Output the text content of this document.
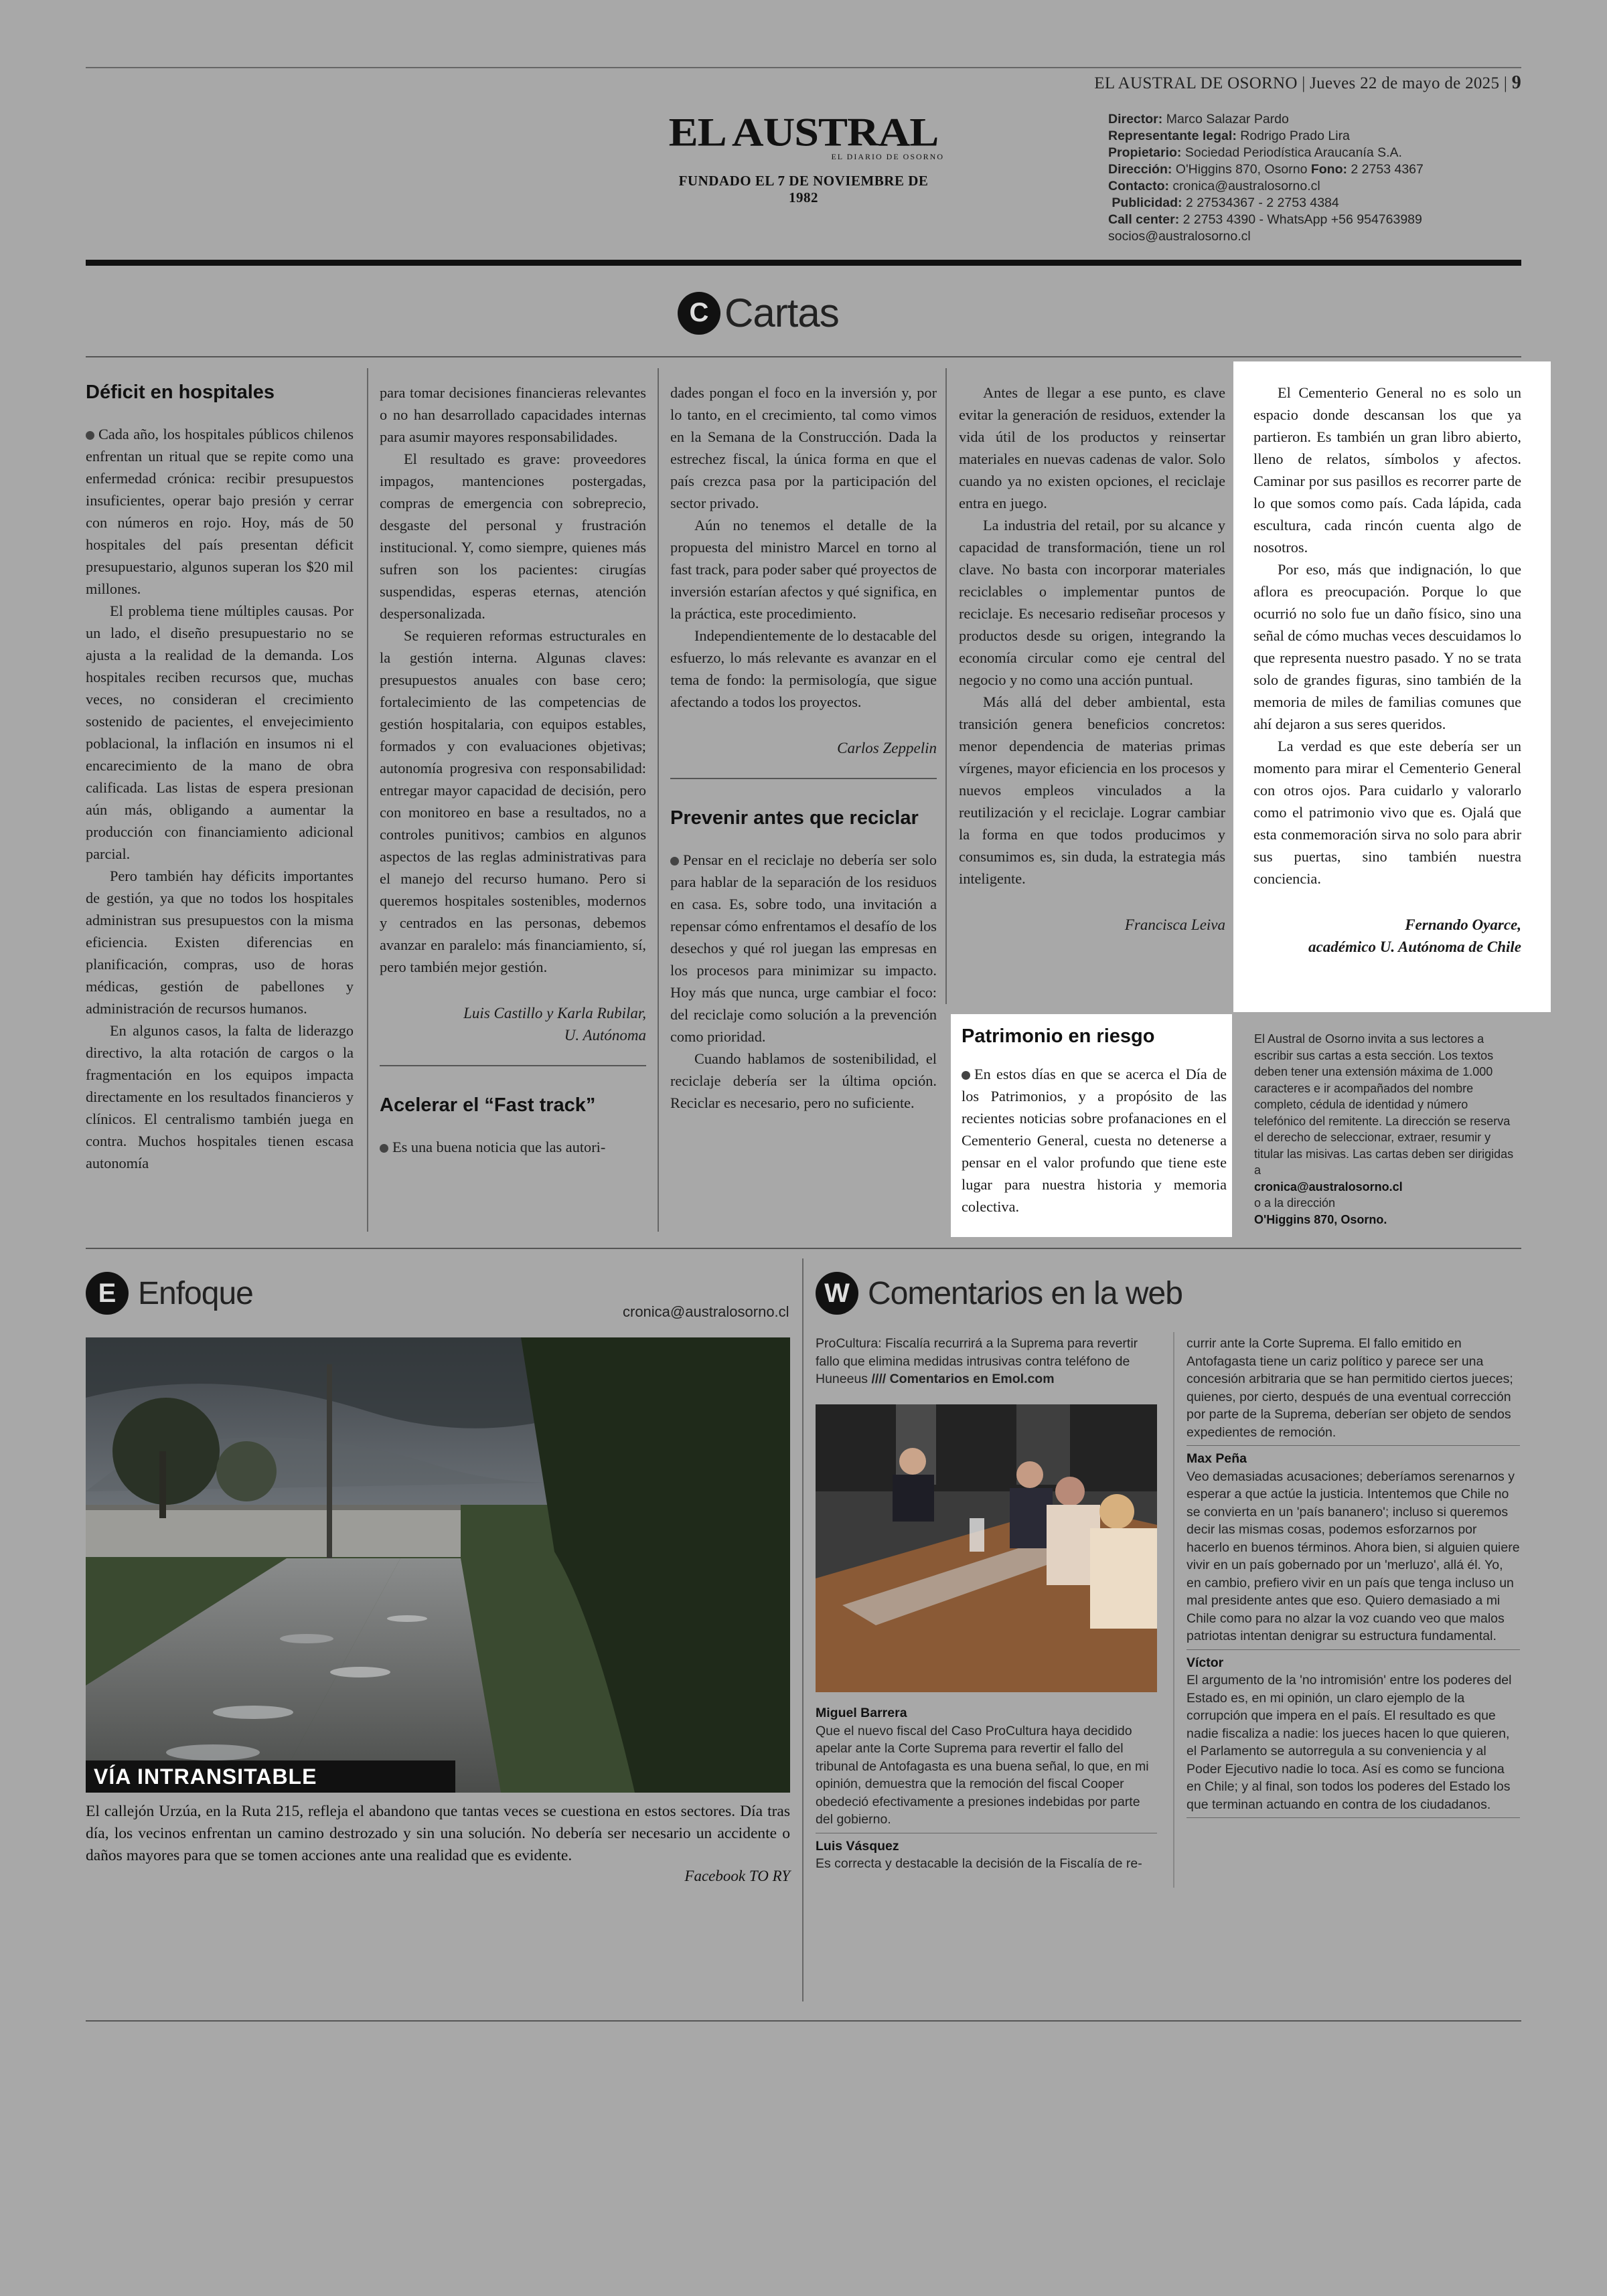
EL AUSTRAL DE OSORNO | Jueves 22 de mayo de 2025 | 9
EL AUSTRAL
EL DIARIO DE OSORNO
FUNDADO EL 7 DE NOVIEMBRE DE 1982
Director: Marco Salazar Pardo
Representante legal: Rodrigo Prado Lira
Propietario: Sociedad Periodística Araucanía S.A.
Dirección: O'Higgins 870, Osorno Fono: 2 2753 4367
Contacto: cronica@australosorno.cl
Publicidad: 2 27534367 - 2 2753 4384
Call center: 2 2753 4390 - WhatsApp +56 954763989
socios@australosorno.cl
C Cartas
Déficit en hospitales

Cada año, los hospitales públicos chilenos enfrentan un ritual que se repite como una enfermedad crónica: recibir presupuestos insuficientes, operar bajo presión y cerrar con números en rojo. Hoy, más de 50 hospitales del país presentan déficit presupuestario, algunos superan los $20 mil millones.

El problema tiene múltiples causas. Por un lado, el diseño presupuestario no se ajusta a la realidad de la demanda. Los hospitales reciben recursos que, muchas veces, no consideran el crecimiento sostenido de pacientes, el envejecimiento poblacional, la inflación en insumos ni el encarecimiento de la mano de obra calificada. Las listas de espera presionan aún más, obligando a aumentar la producción con financiamiento adicional parcial.

Pero también hay déficits importantes de gestión, ya que no todos los hospitales administran sus presupuestos con la misma eficiencia. Existen diferencias en planificación, compras, uso de horas médicas, gestión de pabellones y administración de recursos humanos.

En algunos casos, la falta de liderazgo directivo, la alta rotación de cargos o la fragmentación en los equipos impacta directamente en los resultados financieros y clínicos. El centralismo también juega en contra. Muchos hospitales tienen escasa autonomía

para tomar decisiones financieras relevantes o no han desarrollado capacidades internas para asumir mayores responsabilidades.

El resultado es grave: proveedores impagos, mantenciones postergadas, compras de emergencia con sobreprecio, desgaste del personal y frustración institucional. Y, como siempre, quienes más sufren son los pacientes: cirugías suspendidas, esperas eternas, atención despersonalizada.

Se requieren reformas estructurales en la gestión interna. Algunas claves: presupuestos anuales con base cero; fortalecimiento de las competencias de gestión hospitalaria, con equipos estables, formados y con evaluaciones objetivas; autonomía progresiva con responsabilidad: entregar mayor capacidad de decisión, pero con monitoreo en base a resultados, no a controles punitivos; cambios en algunos aspectos de las reglas administrativas para el manejo del recurso humano. Pero si queremos hospitales sostenibles, modernos y centrados en las personas, debemos avanzar en paralelo: más financiamiento, sí, pero también mejor gestión.

Luis Castillo y Karla Rubilar,
U. Autónoma
Acelerar el “Fast track”

Es una buena noticia que las autori-

dades pongan el foco en la inversión y, por lo tanto, en el crecimiento, tal como vimos en la Semana de la Construcción. Dada la estrechez fiscal, la única forma en que el país crezca pasa por la participación del sector privado.

Aún no tenemos el detalle de la propuesta del ministro Marcel en torno al fast track, para poder saber qué proyectos de inversión estarían afectos y qué significa, en la práctica, este procedimiento.

Independientemente de lo destacable del esfuerzo, lo más relevante es avanzar en el tema de fondo: la permisología, que sigue afectando a todos los proyectos.

Carlos Zeppelin
Prevenir antes que reciclar

Pensar en el reciclaje no debería ser solo para hablar de la separación de los residuos en casa. Es, sobre todo, una invitación a repensar cómo enfrentamos el desafío de los desechos y qué rol juegan las empresas en los procesos para minimizar su impacto. Hoy más que nunca, urge cambiar el foco: del reciclaje como solución a la prevención como prioridad.

Cuando hablamos de sostenibilidad, el reciclaje debería ser la última opción. Reciclar es necesario, pero no suficiente.

Antes de llegar a ese punto, es clave evitar la generación de residuos, extender la vida útil de los productos y reinsertar materiales en nuevas cadenas de valor. Solo cuando ya no existen opciones, el reciclaje entra en juego.

La industria del retail, por su alcance y capacidad de transformación, tiene un rol clave. No basta con incorporar materiales reciclables o implementar puntos de reciclaje. Es necesario rediseñar procesos y productos desde su origen, integrando la economía circular como eje central del negocio y no como una acción puntual.

Más allá del deber ambiental, esta transición genera beneficios concretos: menor dependencia de materias primas vírgenes, mayor eficiencia en los procesos y nuevos empleos vinculados a la reutilización y el reciclaje. Lograr cambiar la forma en que todos producimos y consumimos es, sin duda, la estrategia más inteligente.

Francisca Leiva

El Cementerio General no es solo un espacio donde descansan los que ya partieron. Es también un gran libro abierto, lleno de relatos, símbolos y afectos. Caminar por sus pasillos es recorrer parte de lo que somos como país. Cada lápida, cada escultura, cada rincón cuenta algo de nosotros.

Por eso, más que indignación, lo que aflora es preocupación. Porque lo que ocurrió no solo fue un daño físico, sino una señal de cómo muchas veces descuidamos lo que representa nuestro pasado. Y no se trata solo de grandes figuras, sino también de la memoria de miles de familias comunes que ahí dejaron a sus seres queridos.

La verdad es que este debería ser un momento para mirar el Cementerio General con otros ojos. Para cuidarlo y valorarlo como el patrimonio vivo que es. Ojalá que esta conmemoración sirva no solo para abrir sus puertas, sino también nuestra conciencia.

Fernando Oyarce,
académico U. Autónoma de Chile
Patrimonio en riesgo

En estos días en que se acerca el Día de los Patrimonios, y a propósito de las recientes noticias sobre profanaciones en el Cementerio General, cuesta no detenerse a pensar en el valor profundo que tiene este lugar para nuestra historia y memoria colectiva.

El Austral de Osorno invita a sus lectores a escribir sus cartas a esta sección. Los textos deben tener una extensión máxima de 1.000 caracteres e ir acompañados del nombre completo, cédula de identidad y número telefónico del remitente. La dirección se reserva el derecho de seleccionar, extraer, resumir y titular las misivas. Las cartas deben ser dirigidas a
cronica@australosorno.cl
o a la dirección
O'Higgins 870, Osorno.
E Enfoque
cronica@australosorno.cl
VÍA INTRANSITABLE
El callejón Urzúa, en la Ruta 215, refleja el abandono que tantas veces se cuestiona en estos sectores. Día tras día, los vecinos enfrentan un camino destrozado y sin una solución. No debería ser necesario un accidente o daños mayores para que se tomen acciones ante una realidad que es evidente.
Facebook TO RY
W Comentarios en la web
ProCultura: Fiscalía recurrirá a la Suprema para revertir fallo que elimina medidas intrusivas contra teléfono de Huneeus //// Comentarios en Emol.com
Miguel Barrera
Que el nuevo fiscal del Caso ProCultura haya decidido apelar ante la Corte Suprema para revertir el fallo del tribunal de Antofagasta es una buena señal, lo que, en mi opinión, demuestra que la remoción del fiscal Cooper obedeció efectivamente a presiones indebidas por parte del gobierno.
Luis Vásquez
Es correcta y destacable la decisión de la Fiscalía de re-
currir ante la Corte Suprema. El fallo emitido en Antofagasta tiene un cariz político y parece ser una concesión arbitraria que se han permitido ciertos jueces; quienes, por cierto, después de una eventual corrección por parte de la Suprema, deberían ser objeto de sendos expedientes de remoción.
Max Peña
Veo demasiadas acusaciones; deberíamos serenarnos y esperar a que actúe la justicia. Intentemos que Chile no se convierta en un 'país bananero'; incluso si queremos decir las mismas cosas, podemos esforzarnos por hacerlo en buenos términos. Ahora bien, si alguien quiere vivir en un país gobernado por un 'merluzo', allá él. Yo, en cambio, prefiero vivir en un país que tenga incluso un mal presidente antes que eso. Quiero demasiado a mi Chile como para no alzar la voz cuando veo que malos patriotas intentan denigrar su estructura fundamental.
Víctor
El argumento de la 'no intromisión' entre los poderes del Estado es, en mi opinión, un claro ejemplo de la corrupción que impera en el país. El resultado es que nadie fiscaliza a nadie: los jueces hacen lo que quieren, el Parlamento se autorregula a su conveniencia y al Poder Ejecutivo nadie lo toca. Así es como se funciona en Chile; y al final, son todos los poderes del Estado los que terminan actuando en contra de los ciudadanos.
